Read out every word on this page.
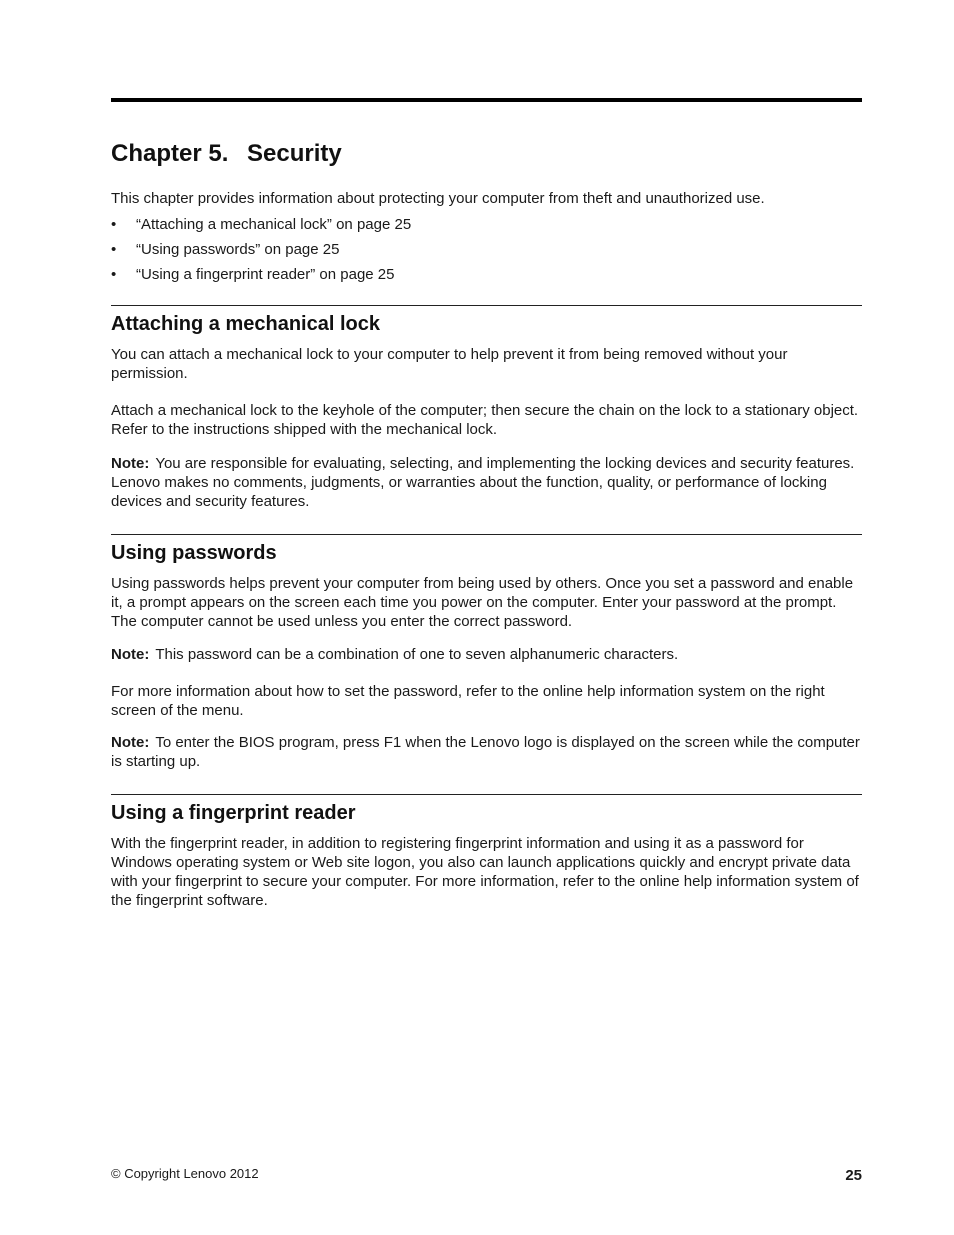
Chapter 5. Security

This chapter provides information about protecting your computer from theft and unauthorized use.

• “Attaching a mechanical lock” on page 25
• “Using passwords” on page 25
• “Using a fingerprint reader” on page 25
Attaching a mechanical lock

You can attach a mechanical lock to your computer to help prevent it from being removed without your permission.

Attach a mechanical lock to the keyhole of the computer; then secure the chain on the lock to a stationary object. Refer to the instructions shipped with the mechanical lock.

Note: You are responsible for evaluating, selecting, and implementing the locking devices and security features. Lenovo makes no comments, judgments, or warranties about the function, quality, or performance of locking devices and security features.

Using passwords

Using passwords helps prevent your computer from being used by others. Once you set a password and enable it, a prompt appears on the screen each time you power on the computer. Enter your password at the prompt. The computer cannot be used unless you enter the correct password.

Note: This password can be a combination of one to seven alphanumeric characters.

For more information about how to set the password, refer to the online help information system on the right screen of the menu.

Note: To enter the BIOS program, press F1 when the Lenovo logo is displayed on the screen while the computer is starting up.

Using a fingerprint reader

With the fingerprint reader, in addition to registering fingerprint information and using it as a password for Windows operating system or Web site logon, you also can launch applications quickly and encrypt private data with your fingerprint to secure your computer. For more information, refer to the online help information system of the fingerprint software.

© Copyright Lenovo 2012	25
